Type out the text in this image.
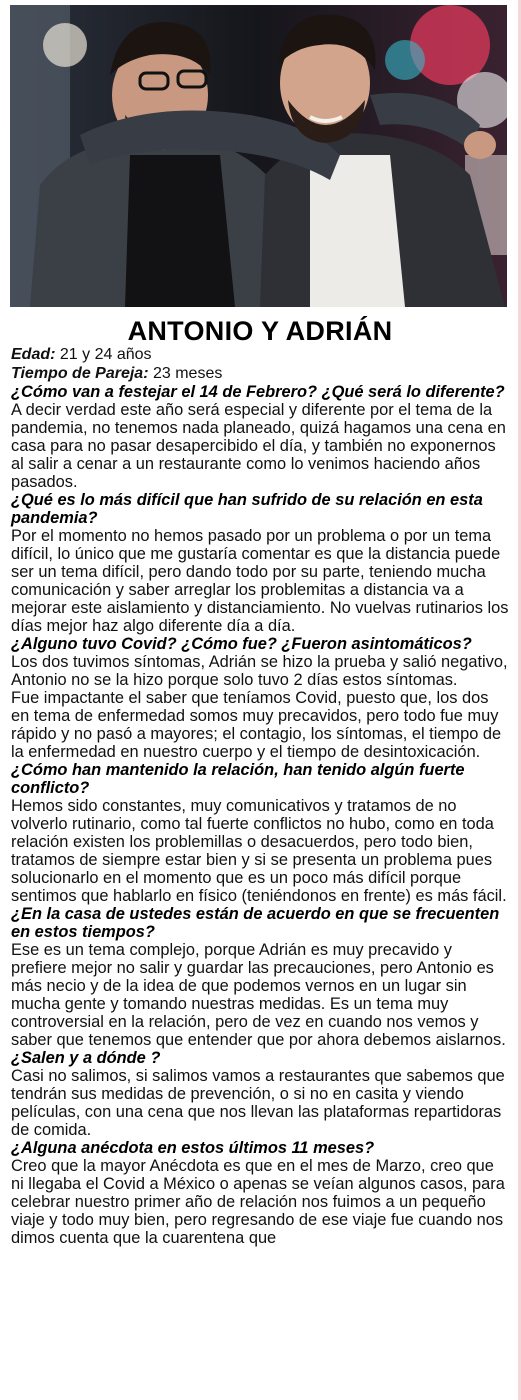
ANTONIO Y ADRIÁN

Edad: 21 y 24 años

Tiempo de Pareja: 23 meses

¿Cómo van a festejar el 14 de Febrero? ¿Qué será lo diferente?

A decir verdad este año será especial y diferente por el tema de la pandemia, no tenemos nada planeado, quizá hagamos una cena en casa para no pasar desapercibido el día, y también no exponernos al salir a cenar a un restaurante como lo venimos haciendo años pasados.

¿Qué es lo más difícil que han sufrido de su relación en esta pandemia?

Por el momento no hemos pasado por un problema o por un tema difícil, lo único que me gustaría comentar es que la distancia puede ser un tema difícil, pero dando todo por su parte, teniendo mucha comunicación y saber arreglar los problemitas a distancia va a mejorar este aislamiento y distanciamiento. No vuelvas rutinarios los días mejor haz algo diferente día a día.

¿Alguno tuvo Covid? ¿Cómo fue? ¿Fueron asintomáticos?

Los dos tuvimos síntomas, Adrián se hizo la prueba y salió negativo, Antonio no se la hizo porque solo tuvo 2 días estos síntomas.

Fue impactante el saber que teníamos Covid, puesto que, los dos en tema de enfermedad somos muy precavidos, pero todo fue muy rápido y no pasó a mayores; el contagio, los síntomas, el tiempo de la enfermedad en nuestro cuerpo y el tiempo de desintoxicación.

¿Cómo han mantenido la relación, han tenido algún fuerte conflicto?

Hemos sido constantes, muy comunicativos y tratamos de no volverlo rutinario, como tal fuerte conflictos no hubo, como en toda relación existen los problemillas o desacuerdos, pero todo bien, tratamos de siempre estar bien y si se presenta un problema pues solucionarlo en el momento que es un poco más difícil porque sentimos que hablarlo en físico (teniéndonos en frente) es más fácil.

¿En la casa de ustedes están de acuerdo en que se frecuenten en estos tiempos?

Ese es un tema complejo, porque Adrián es muy precavido y prefiere mejor no salir y guardar las precauciones, pero Antonio es más necio y de la idea de que podemos vernos en un lugar sin mucha gente y tomando nuestras medidas. Es un tema muy controversial en la relación, pero de vez en cuando nos vemos y saber que tenemos que entender que por ahora debemos aislarnos.

¿Salen y a dónde ?

Casi no salimos, si salimos vamos a restaurantes que sabemos que tendrán sus medidas de prevención, o si no en casita y viendo películas, con una cena que nos llevan las plataformas repartidoras de comida.

¿Alguna anécdota en estos últimos 11 meses?

Creo que la mayor Anécdota es que en el mes de Marzo, creo que ni llegaba el Covid a México o apenas se veían algunos casos, para celebrar nuestro primer año de relación nos fuimos a un pequeño viaje y todo muy bien, pero regresando de ese viaje fue cuando nos dimos cuenta que la cuarentena que
